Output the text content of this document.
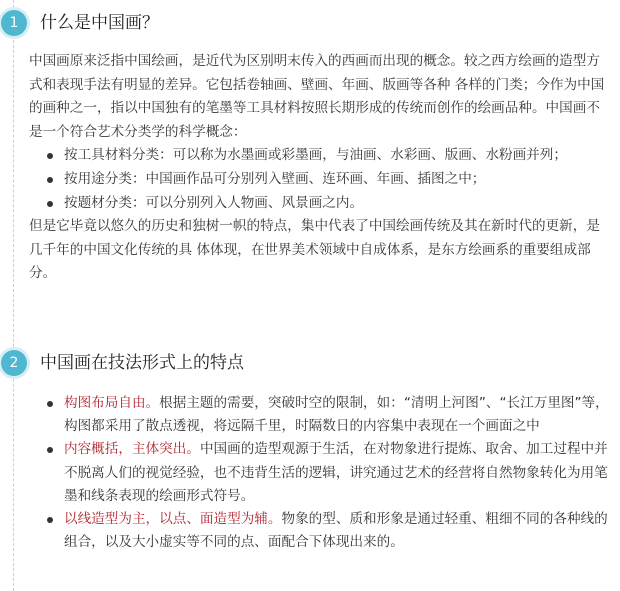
1	什么是中国画？

中国画原来泛指中国绘画，是近代为区别明末传入的西画而出现的概念。较之西方绘画的造型方式和表现手法有明显的差异。它包括卷轴画、壁画、年画、版画等各种 各样的门类；今作为中国的画种之一，指以中国独有的笔墨等工具材料按照长期形成的传统而创作的绘画品种。中国画不是一个符合艺术分类学的科学概念：

按工具材料分类：可以称为水墨画或彩墨画，与油画、水彩画、版画、水粉画并列；
按用途分类：中国画作品可分别列入壁画、连环画、年画、插图之中；
按题材分类：可以分别列入人物画、风景画之内。

但是它毕竟以悠久的历史和独树一帜的特点，集中代表了中国绘画传统及其在新时代的更新，是几千年的中国文化传统的具 体体现，在世界美术领域中自成体系，是东方绘画系的重要组成部分。

2	中国画在技法形式上的特点
构图布局自由。根据主题的需要，突破时空的限制，如：“清明上河图”、“长江万里图”等，构图都采用了散点透视，将远隔千里，时隔数日的内容集中表现在一个画面之中
内容概括，主体突出。中国画的造型观源于生活，在对物象进行提炼、取舍、加工过程中并不脱离人们的视觉经验，也不违背生活的逻辑，讲究通过艺术的经营将自然物象转化为用笔墨和线条表现的绘画形式符号。
以线造型为主，以点、面造型为辅。物象的型、质和形象是通过轻重、粗细不同的各种线的组合，以及大小虚实等不同的点、面配合下体现出来的。
